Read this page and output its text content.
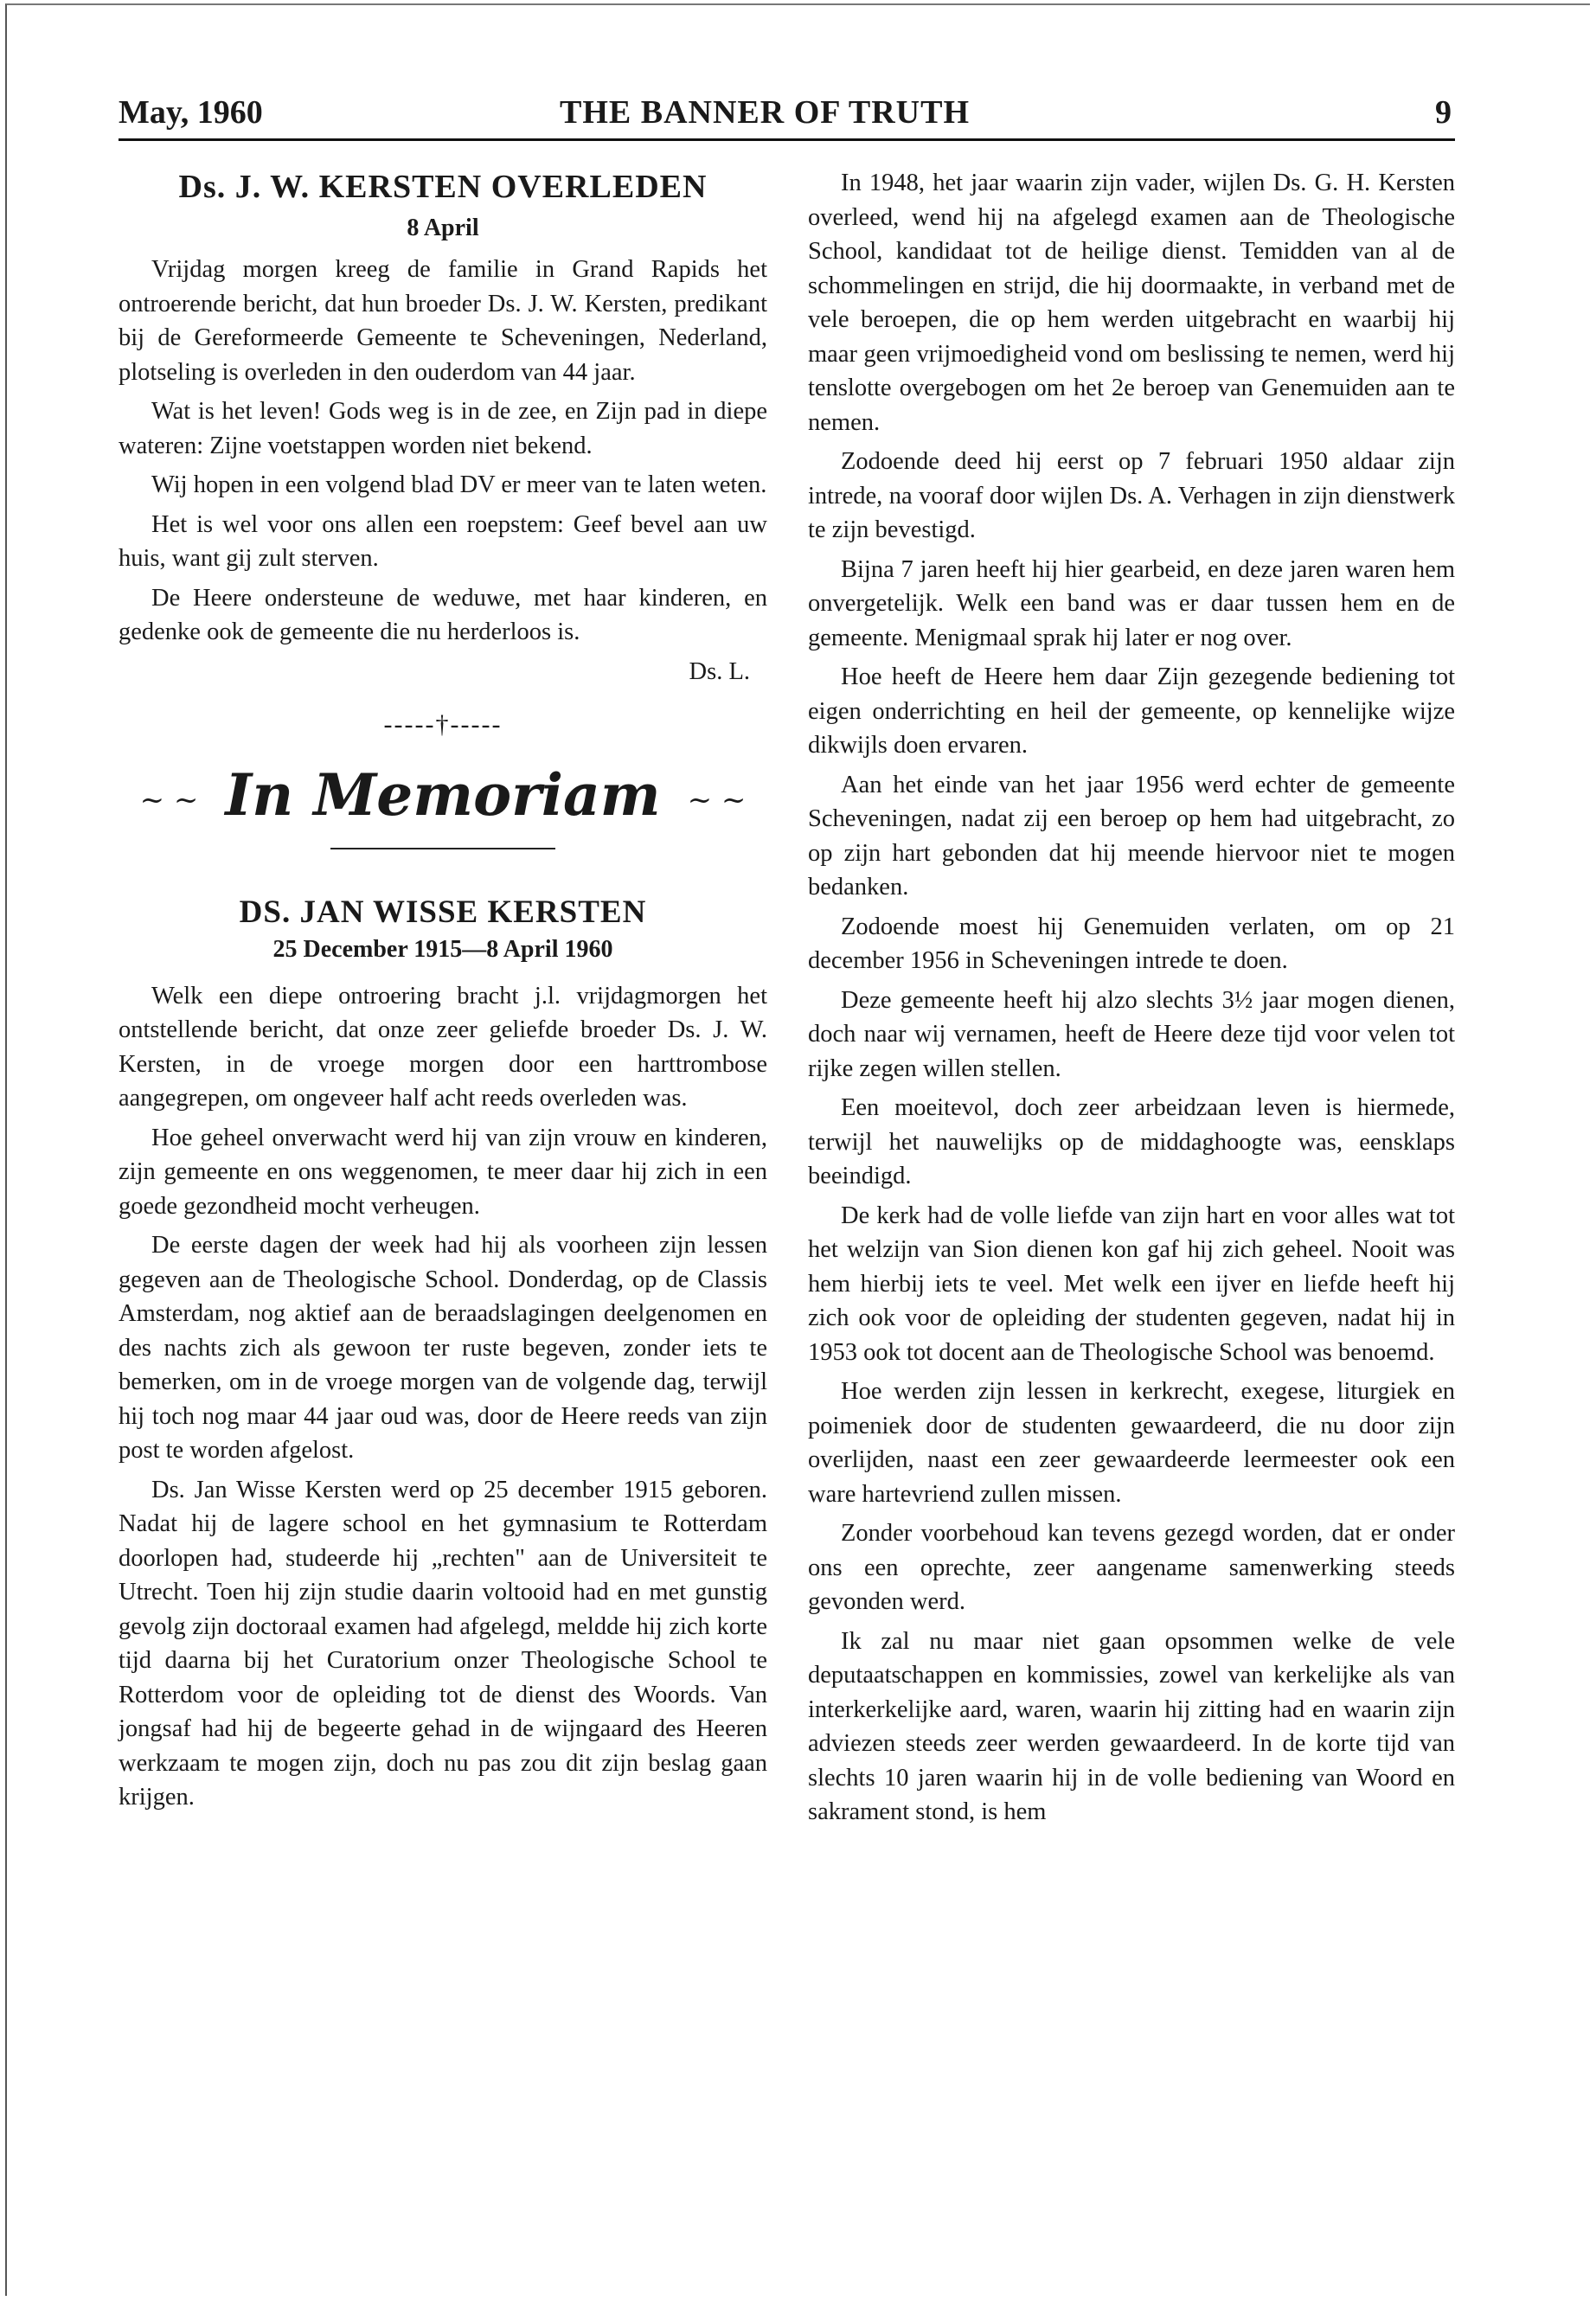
May, 1960	THE BANNER OF TRUTH	9
Ds. J. W. KERSTEN OVERLEDEN
8 April

Vrijdag morgen kreeg de familie in Grand Rapids het ontroerende bericht, dat hun broeder Ds. J. W. Kersten, predikant bij de Gereformeerde Gemeente te Scheveningen, Nederland, plotseling is overleden in den ouderdom van 44 jaar.

Wat is het leven! Gods weg is in de zee, en Zijn pad in diepe wateren: Zijne voetstappen worden niet bekend.

Wij hopen in een volgend blad DV er meer van te laten weten.

Het is wel voor ons allen een roepstem: Geef bevel aan uw huis, want gij zult sterven.

De Heere ondersteune de weduwe, met haar kinderen, en gedenke ook de gemeente die nu herderloos is.

Ds. L.
-----†-----
~ ~ In Memoriam ~ ~
DS. JAN WISSE KERSTEN
25 December 1915—8 April 1960

Welk een diepe ontroering bracht j.l. vrijdagmorgen het ontstellende bericht, dat onze zeer geliefde broeder Ds. J. W. Kersten, in de vroege morgen door een harttrombose aangegrepen, om ongeveer half acht reeds overleden was.

Hoe geheel onverwacht werd hij van zijn vrouw en kinderen, zijn gemeente en ons weggenomen, te meer daar hij zich in een goede gezondheid mocht verheugen.

De eerste dagen der week had hij als voorheen zijn lessen gegeven aan de Theologische School. Donderdag, op de Classis Amsterdam, nog aktief aan de beraadslagingen deelgenomen en des nachts zich als gewoon ter ruste begeven, zonder iets te bemerken, om in de vroege morgen van de volgende dag, terwijl hij toch nog maar 44 jaar oud was, door de Heere reeds van zijn post te worden afgelost.

Ds. Jan Wisse Kersten werd op 25 december 1915 geboren. Nadat hij de lagere school en het gymnasium te Rotterdam doorlopen had, studeerde hij „rechten" aan de Universiteit te Utrecht. Toen hij zijn studie daarin voltooid had en met gunstig gevolg zijn doctoraal examen had afgelegd, meldde hij zich korte tijd daarna bij het Curatorium onzer Theologische School te Rotterdom voor de opleiding tot de dienst des Woords. Van jongsaf had hij de begeerte gehad in de wijngaard des Heeren werkzaam te mogen zijn, doch nu pas zou dit zijn beslag gaan krijgen.

In 1948, het jaar waarin zijn vader, wijlen Ds. G. H. Kersten overleed, wend hij na afgelegd examen aan de Theologische School, kandidaat tot de heilige dienst. Temidden van al de schommelingen en strijd, die hij doormaakte, in verband met de vele beroepen, die op hem werden uitgebracht en waarbij hij maar geen vrijmoedigheid vond om beslissing te nemen, werd hij tenslotte overgebogen om het 2e beroep van Genemuiden aan te nemen.

Zodoende deed hij eerst op 7 februari 1950 aldaar zijn intrede, na vooraf door wijlen Ds. A. Verhagen in zijn dienstwerk te zijn bevestigd.

Bijna 7 jaren heeft hij hier gearbeid, en deze jaren waren hem onvergetelijk. Welk een band was er daar tussen hem en de gemeente. Menigmaal sprak hij later er nog over.

Hoe heeft de Heere hem daar Zijn gezegende bediening tot eigen onderrichting en heil der gemeente, op kennelijke wijze dikwijls doen ervaren.

Aan het einde van het jaar 1956 werd echter de gemeente Scheveningen, nadat zij een beroep op hem had uitgebracht, zo op zijn hart gebonden dat hij meende hiervoor niet te mogen bedanken.

Zodoende moest hij Genemuiden verlaten, om op 21 december 1956 in Scheveningen intrede te doen.

Deze gemeente heeft hij alzo slechts 3½ jaar mogen dienen, doch naar wij vernamen, heeft de Heere deze tijd voor velen tot rijke zegen willen stellen.

Een moeitevol, doch zeer arbeidzaan leven is hiermede, terwijl het nauwelijks op de middaghoogte was, eensklaps beeindigd.

De kerk had de volle liefde van zijn hart en voor alles wat tot het welzijn van Sion dienen kon gaf hij zich geheel. Nooit was hem hierbij iets te veel. Met welk een ijver en liefde heeft hij zich ook voor de opleiding der studenten gegeven, nadat hij in 1953 ook tot docent aan de Theologische School was benoemd.

Hoe werden zijn lessen in kerkrecht, exegese, liturgiek en poimeniek door de studenten gewaardeerd, die nu door zijn overlijden, naast een zeer gewaardeerde leermeester ook een ware hartevriend zullen missen.

Zonder voorbehoud kan tevens gezegd worden, dat er onder ons een oprechte, zeer aangename samenwerking steeds gevonden werd.

Ik zal nu maar niet gaan opsommen welke de vele deputaatschappen en kommissies, zowel van kerkelijke als van interkerkelijke aard, waren, waarin hij zitting had en waarin zijn adviezen steeds zeer werden gewaardeerd. In de korte tijd van slechts 10 jaren waarin hij in de volle bediening van Woord en sakrament stond, is hem
